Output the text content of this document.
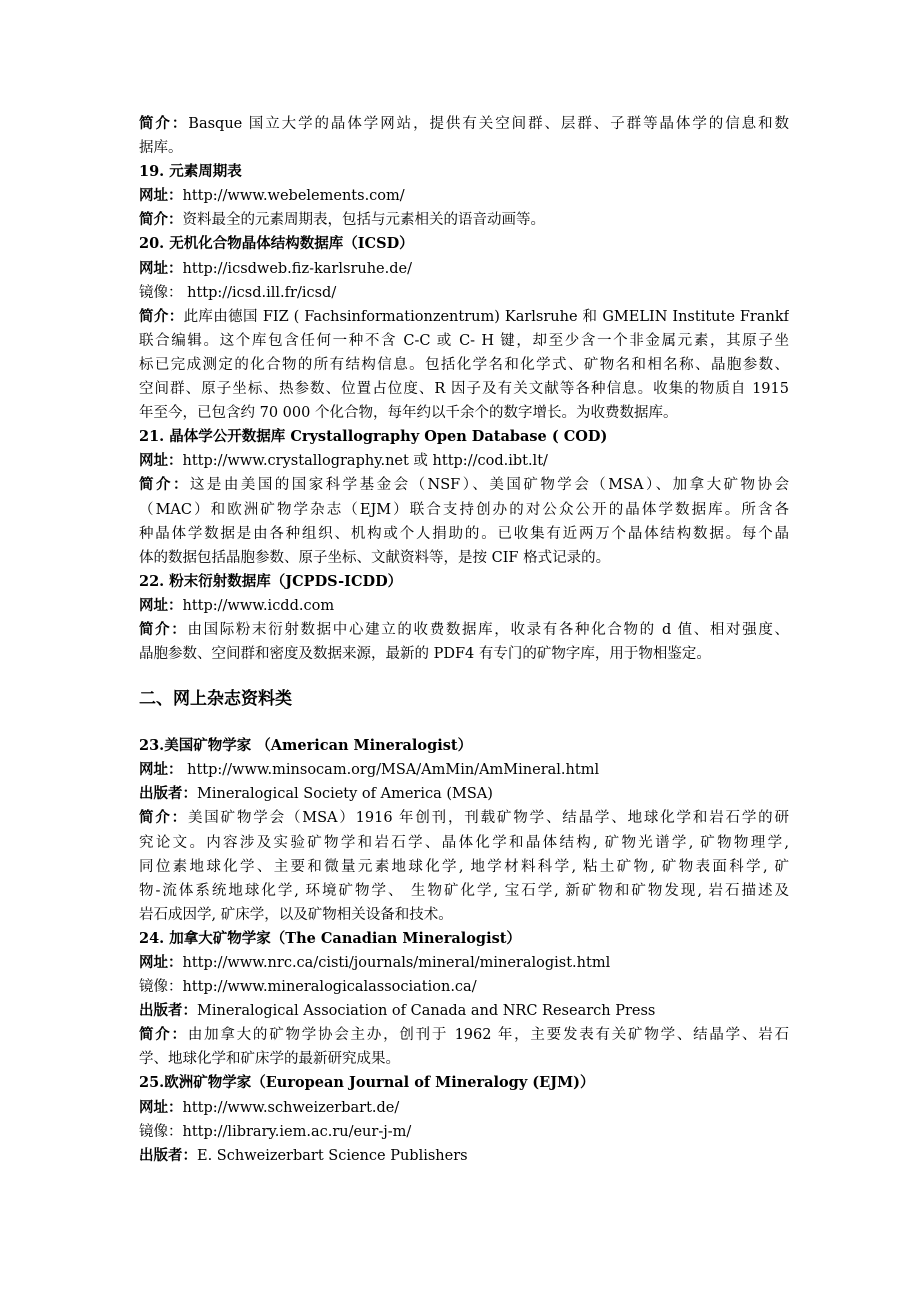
简介：Basque 国立大学的晶体学网站，提供有关空间群、层群、子群等晶体学的信息和数
据库。
19. 元素周期表
网址：http://www.webelements.com/
简介：资料最全的元素周期表，包括与元素相关的语音动画等。
20. 无机化合物晶体结构数据库（ICSD）
网址：http://icsdweb.fiz-karlsruhe.de/
镜像： http://icsd.ill.fr/icsd/
简介：此库由德国 FIZ ( Fachsinformationzentrum) Karlsruhe 和 GMELIN Institute Frankf
联合编辑。这个库包含任何一种不含 C-C 或 C- H 键，却至少含一个非金属元素，其原子坐
标已完成测定的化合物的所有结构信息。包括化学名和化学式、矿物名和相名称、晶胞参数、
空间群、原子坐标、热参数、位置占位度、R 因子及有关文献等各种信息。收集的物质自 1915
年至今，已包含约 70 000 个化合物，每年约以千余个的数字增长。为收费数据库。
21. 晶体学公开数据库 Crystallography Open Database ( COD)
网址：http://www.crystallography.net 或 http://cod.ibt.lt/
简介：这是由美国的国家科学基金会（NSF）、美国矿物学会（MSA）、加拿大矿物协会
（MAC）和欧洲矿物学杂志（EJM）联合支持创办的对公众公开的晶体学数据库。所含各
种晶体学数据是由各种组织、机构或个人捐助的。已收集有近两万个晶体结构数据。每个晶
体的数据包括晶胞参数、原子坐标、文献资料等，是按 CIF 格式记录的。
22. 粉末衍射数据库（JCPDS-ICDD）
网址：http://www.icdd.com
简介：由国际粉末衍射数据中心建立的收费数据库，收录有各种化合物的 d 值、相对强度、
晶胞参数、空间群和密度及数据来源，最新的 PDF4 有专门的矿物字库，用于物相鉴定。
二、网上杂志资料类
23.美国矿物学家 （American Mineralogist）
网址： http://www.minsocam.org/MSA/AmMin/AmMineral.html
出版者：Mineralogical Society of America (MSA)
简介：美国矿物学会（MSA）1916 年创刊，刊载矿物学、结晶学、地球化学和岩石学的研
究论文。内容涉及实验矿物学和岩石学、晶体化学和晶体结构, 矿物光谱学, 矿物物理学,
同位素地球化学、主要和微量元素地球化学, 地学材料科学, 粘土矿物, 矿物表面科学, 矿
物-流体系统地球化学, 环境矿物学、 生物矿化学, 宝石学, 新矿物和矿物发现, 岩石描述及
岩石成因学, 矿床学，以及矿物相关设备和技术。
24. 加拿大矿物学家（The Canadian Mineralogist）
网址：http://www.nrc.ca/cisti/journals/mineral/mineralogist.html
镜像：http://www.mineralogicalassociation.ca/
出版者：Mineralogical Association of Canada and NRC Research Press
简介：由加拿大的矿物学协会主办，创刊于 1962 年，主要发表有关矿物学、结晶学、岩石
学、地球化学和矿床学的最新研究成果。
25.欧洲矿物学家（European Journal of Mineralogy (EJM)）
网址：http://www.schweizerbart.de/
镜像：http://library.iem.ac.ru/eur-j-m/
出版者：E. Schweizerbart Science Publishers
